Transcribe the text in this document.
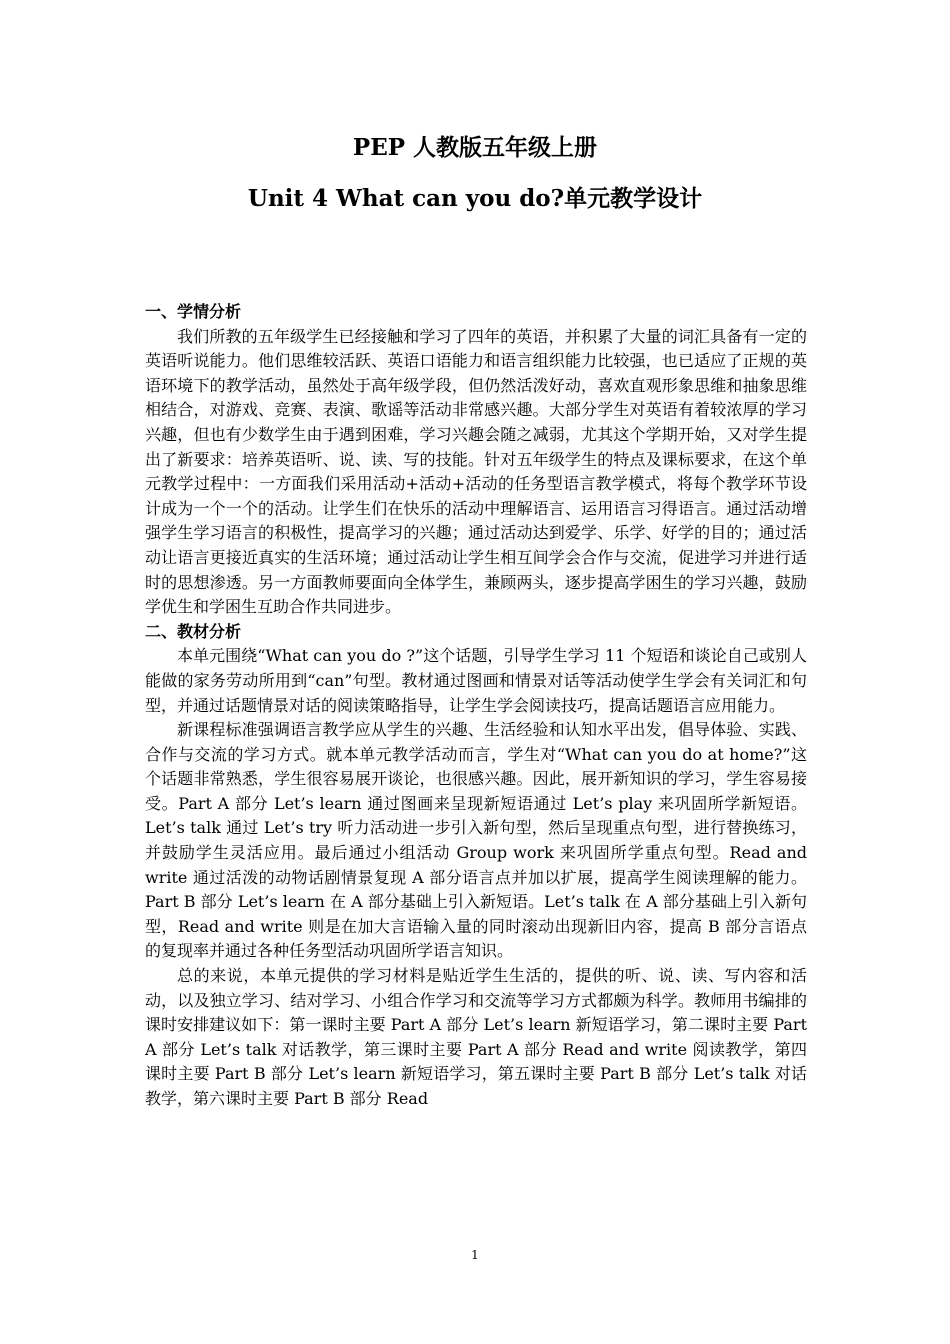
PEP 人教版五年级上册
Unit 4 What can you do?单元教学设计

一、学情分析

我们所教的五年级学生已经接触和学习了四年的英语，并积累了大量的词汇具备有一定的英语听说能力。他们思维较活跃、英语口语能力和语言组织能力比较强，也已适应了正规的英语环境下的教学活动，虽然处于高年级学段，但仍然活泼好动，喜欢直观形象思维和抽象思维相结合，对游戏、竞赛、表演、歌谣等活动非常感兴趣。大部分学生对英语有着较浓厚的学习兴趣，但也有少数学生由于遇到困难，学习兴趣会随之减弱，尤其这个学期开始，又对学生提出了新要求：培养英语听、说、读、写的技能。针对五年级学生的特点及课标要求，在这个单元教学过程中：一方面我们采用活动+活动+活动的任务型语言教学模式，将每个教学环节设计成为一个一个的活动。让学生们在快乐的活动中理解语言、运用语言习得语言。通过活动增强学生学习语言的积极性，提高学习的兴趣；通过活动达到爱学、乐学、好学的目的；通过活动让语言更接近真实的生活环境；通过活动让学生相互间学会合作与交流，促进学习并进行适时的思想渗透。另一方面教师要面向全体学生，兼顾两头，逐步提高学困生的学习兴趣，鼓励学优生和学困生互助合作共同进步。

二、教材分析

本单元围绕“What can you do ?”这个话题，引导学生学习 11 个短语和谈论自己或别人能做的家务劳动所用到“can”句型。教材通过图画和情景对话等活动使学生学会有关词汇和句型，并通过话题情景对话的阅读策略指导，让学生学会阅读技巧，提高话题语言应用能力。

新课程标准强调语言教学应从学生的兴趣、生活经验和认知水平出发，倡导体验、实践、合作与交流的学习方式。就本单元教学活动而言，学生对“What can you do at home?”这个话题非常熟悉，学生很容易展开谈论，也很感兴趣。因此，展开新知识的学习，学生容易接受。Part A 部分 Let’s learn 通过图画来呈现新短语通过 Let’s play 来巩固所学新短语。Let’s talk 通过 Let’s try 听力活动进一步引入新句型，然后呈现重点句型，进行替换练习，并鼓励学生灵活应用。最后通过小组活动 Group work 来巩固所学重点句型。Read and write 通过活泼的动物话剧情景复现 A 部分语言点并加以扩展，提高学生阅读理解的能力。Part B 部分 Let’s learn 在 A 部分基础上引入新短语。Let’s talk 在 A 部分基础上引入新句型，Read and write 则是在加大言语输入量的同时滚动出现新旧内容，提高 B 部分言语点的复现率并通过各种任务型活动巩固所学语言知识。

总的来说，本单元提供的学习材料是贴近学生生活的，提供的听、说、读、写内容和活动，以及独立学习、结对学习、小组合作学习和交流等学习方式都颇为科学。教师用书编排的课时安排建议如下：第一课时主要 Part A 部分 Let’s learn 新短语学习，第二课时主要 Part A 部分 Let’s talk 对话教学，第三课时主要 Part A 部分 Read and write 阅读教学，第四课时主要 Part B 部分 Let’s learn 新短语学习，第五课时主要 Part B 部分 Let’s talk 对话教学，第六课时主要 Part B 部分 Read

1
